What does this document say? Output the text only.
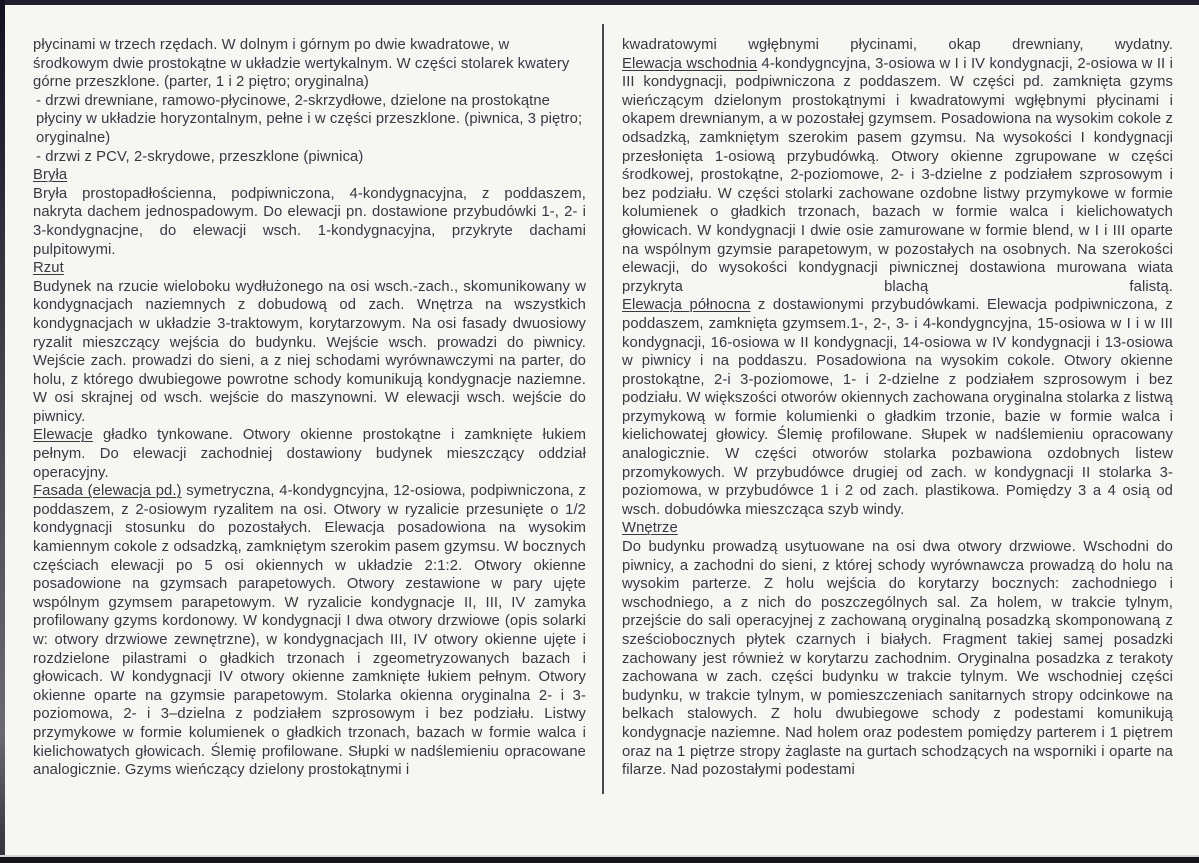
płycinami w trzech rzędach. W dolnym i górnym po dwie kwadratowe, w środkowym dwie prostokątne w układzie wertykalnym. W części stolarek kwatery górne przeszklone. (parter, 1 i 2 piętro; oryginalna)

- drzwi drewniane, ramowo-płycinowe, 2-skrzydłowe, dzielone na prostokątne płyciny w układzie horyzontalnym, pełne i w części przeszklone. (piwnica, 3 piętro; oryginalne)

- drzwi z PCV, 2-skrydowe, przeszklone (piwnica)

Bryła

Bryła prostopadłościenna, podpiwniczona, 4-kondygnacyjna, z poddaszem, nakryta dachem jednospadowym. Do elewacji pn. dostawione przybudówki 1-, 2- i 3-kondygnacjne, do elewacji wsch. 1-kondygnacyjna, przykryte dachami pulpitowymi.

Rzut

Budynek na rzucie wieloboku wydłużonego na osi wsch.-zach., skomunikowany w kondygnacjach naziemnych z dobudową od zach. Wnętrza na wszystkich kondygnacjach w układzie 3-traktowym, korytarzowym. Na osi fasady dwuosiowy ryzalit mieszczący wejścia do budynku. Wejście wsch. prowadzi do piwnicy. Wejście zach. prowadzi do sieni, a z niej schodami wyrównawczymi na parter, do holu, z którego dwubiegowe powrotne schody komunikują kondygnacje naziemne. W osi skrajnej od wsch. wejście do maszynowni. W elewacji wsch. wejście do piwnicy.

Elewacje gładko tynkowane. Otwory okienne prostokątne i zamknięte łukiem pełnym. Do elewacji zachodniej dostawiony budynek mieszczący oddział operacyjny.

Fasada (elewacja pd.) symetryczna, 4-kondygncyjna, 12-osiowa, podpiwniczona, z poddaszem, z 2-osiowym ryzalitem na osi. Otwory w ryzalicie przesunięte o 1/2 kondygnacji stosunku do pozostałych. Elewacja posadowiona na wysokim kamiennym cokole z odsadzką, zamkniętym szerokim pasem gzymsu. W bocznych częściach elewacji po 5 osi okiennych w układzie 2:1:2. Otwory okienne posadowione na gzymsach parapetowych. Otwory zestawione w pary ujęte wspólnym gzymsem parapetowym. W ryzalicie kondygnacje II, III, IV zamyka profilowany gzyms kordonowy. W kondygnacji I dwa otwory drzwiowe (opis solarki w: otwory drzwiowe zewnętrzne), w kondygnacjach III, IV otwory okienne ujęte i rozdzielone pilastrami o gładkich trzonach i zgeometryzowanych bazach i głowicach. W kondygnacji IV otwory okienne zamknięte łukiem pełnym. Otwory okienne oparte na gzymsie parapetowym. Stolarka okienna oryginalna 2- i 3-poziomowa, 2- i 3–dzielna z podziałem szprosowym i bez podziału. Listwy przymykowe w formie kolumienek o gładkich trzonach, bazach w formie walca i kielichowatych głowicach. Ślemię profilowane. Słupki w nadślemieniu opracowane analogicznie. Gzyms wieńczący dzielony prostokątnymi i

kwadratowymi wgłębnymi płycinami, okap drewniany, wydatny.

Elewacja wschodnia 4-kondygncyjna, 3-osiowa w I i IV kondygnacji, 2-osiowa w II i III kondygnacji, podpiwniczona z poddaszem. W części pd. zamknięta gzyms wieńczącym dzielonym prostokątnymi i kwadratowymi wgłębnymi płycinami i okapem drewnianym, a w pozostałej gzymsem. Posadowiona na wysokim cokole z odsadzką, zamkniętym szerokim pasem gzymsu. Na wysokości I kondygnacji przesłonięta 1-osiową przybudówką. Otwory okienne zgrupowane w części środkowej, prostokątne, 2-poziomowe, 2- i 3-dzielne z podziałem szprosowym i bez podziału. W części stolarki zachowane ozdobne listwy przymykowe w formie kolumienek o gładkich trzonach, bazach w formie walca i kielichowatych głowicach. W kondygnacji I dwie osie zamurowane w formie blend, w I i III oparte na wspólnym gzymsie parapetowym, w pozostałych na osobnych. Na szerokości elewacji, do wysokości kondygnacji piwnicznej dostawiona murowana wiata przykryta blachą falistą.

Elewacja północna z dostawionymi przybudówkami. Elewacja podpiwniczona, z poddaszem, zamknięta gzymsem.1-, 2-, 3- i 4-kondygncyjna, 15-osiowa w I i w III kondygnacji, 16-osiowa w II kondygnacji, 14-osiowa w IV kondygnacji i 13-osiowa w piwnicy i na poddaszu. Posadowiona na wysokim cokole. Otwory okienne prostokątne, 2-i 3-poziomowe, 1- i 2-dzielne z podziałem szprosowym i bez podziału. W większości otworów okiennych zachowana oryginalna stolarka z listwą przymykową w formie kolumienki o gładkim trzonie, bazie w formie walca i kielichowatej głowicy. Ślemię profilowane. Słupek w nadślemieniu opracowany analogicznie. W części otworów stolarka pozbawiona ozdobnych listew przomykowych. W przybudówce drugiej od zach. w kondygnacji II stolarka 3-poziomowa, w przybudówce 1 i 2 od zach. plastikowa. Pomiędzy 3 a 4 osią od wsch. dobudówka mieszcząca szyb windy.

Wnętrze

Do budynku prowadzą usytuowane na osi dwa otwory drzwiowe. Wschodni do piwnicy, a zachodni do sieni, z której schody wyrównawcza prowadzą do holu na wysokim parterze. Z holu wejścia do korytarzy bocznych: zachodniego i wschodniego, a z nich do poszczególnych sal. Za holem, w trakcie tylnym, przejście do sali operacyjnej z zachowaną oryginalną posadzką skomponowaną z sześciobocznych płytek czarnych i białych. Fragment takiej samej posadzki zachowany jest również w korytarzu zachodnim. Oryginalna posadzka z terakoty zachowana w zach. części budynku w trakcie tylnym. We wschodniej części budynku, w trakcie tylnym, w pomieszczeniach sanitarnych stropy odcinkowe na belkach stalowych. Z holu dwubiegowe schody z podestami komunikują kondygnacje naziemne. Nad holem oraz podestem pomiędzy parterem i 1 piętrem oraz na 1 piętrze stropy żaglaste na gurtach schodzących na wsporniki i oparte na filarze. Nad pozostałymi podestami
